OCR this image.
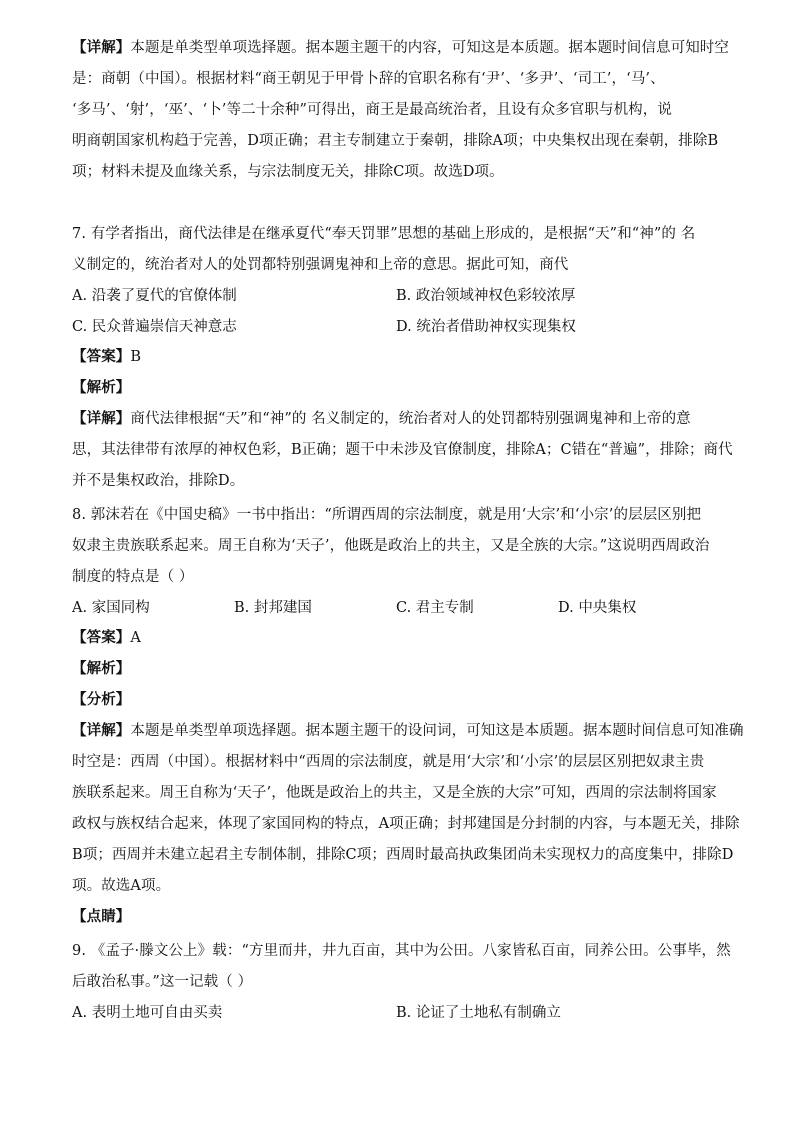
【详解】本题是单类型单项选择题。据本题主题干的内容，可知这是本质题。据本题时间信息可知时空
是：商朝（中国）。根据材料“商王朝见于甲骨卜辞的官职名称有‘尹’、‘多尹’、‘司工’，‘马’、
‘多马’、‘射’，‘巫’、‘卜’等二十余种”可得出，商王是最高统治者，且设有众多官职与机构，说
明商朝国家机构趋于完善，D项正确；君主专制建立于秦朝，排除A项；中央集权出现在秦朝，排除B
项；材料未提及血缘关系，与宗法制度无关，排除C项。故选D项。
7. 有学者指出，商代法律是在继承夏代“奉天罚罪”思想的基础上形成的，是根据“天”和“神”的 名
义制定的，统治者对人的处罚都特别强调鬼神和上帝的意思。据此可知，商代
A. 沿袭了夏代的官僚体制	B. 政治领域神权色彩较浓厚
C. 民众普遍崇信天神意志	D. 统治者借助神权实现集权
【答案】B
【解析】
【详解】商代法律根据“天”和“神”的 名义制定的，统治者对人的处罚都特别强调鬼神和上帝的意
思，其法律带有浓厚的神权色彩，B正确；题干中未涉及官僚制度，排除A；C错在“普遍”，排除；商代
并不是集权政治，排除D。
8. 郭沫若在《中国史稿》一书中指出：“所谓西周的宗法制度，就是用‘大宗’和‘小宗’的层层区别把
奴隶主贵族联系起来。周王自称为‘天子’，他既是政治上的共主，又是全族的大宗。”这说明西周政治
制度的特点是（ ）
A. 家国同构	B. 封邦建国	C. 君主专制	D. 中央集权
【答案】A
【解析】
【分析】
【详解】本题是单类型单项选择题。据本题主题干的设问词，可知这是本质题。据本题时间信息可知准确
时空是：西周（中国）。根据材料中“西周的宗法制度，就是用‘大宗’和‘小宗’的层层区别把奴隶主贵
族联系起来。周王自称为‘天子’，他既是政治上的共主，又是全族的大宗”可知，西周的宗法制将国家
政权与族权结合起来，体现了家国同构的特点，A项正确；封邦建国是分封制的内容，与本题无关，排除
B项；西周并未建立起君主专制体制，排除C项；西周时最高执政集团尚未实现权力的高度集中，排除D
项。故选A项。
【点睛】
9. 《孟子·滕文公上》载：“方里而井，井九百亩，其中为公田。八家皆私百亩，同养公田。公事毕，然
后敢治私事。”这一记载（ ）
A. 表明土地可自由买卖	B. 论证了土地私有制确立
